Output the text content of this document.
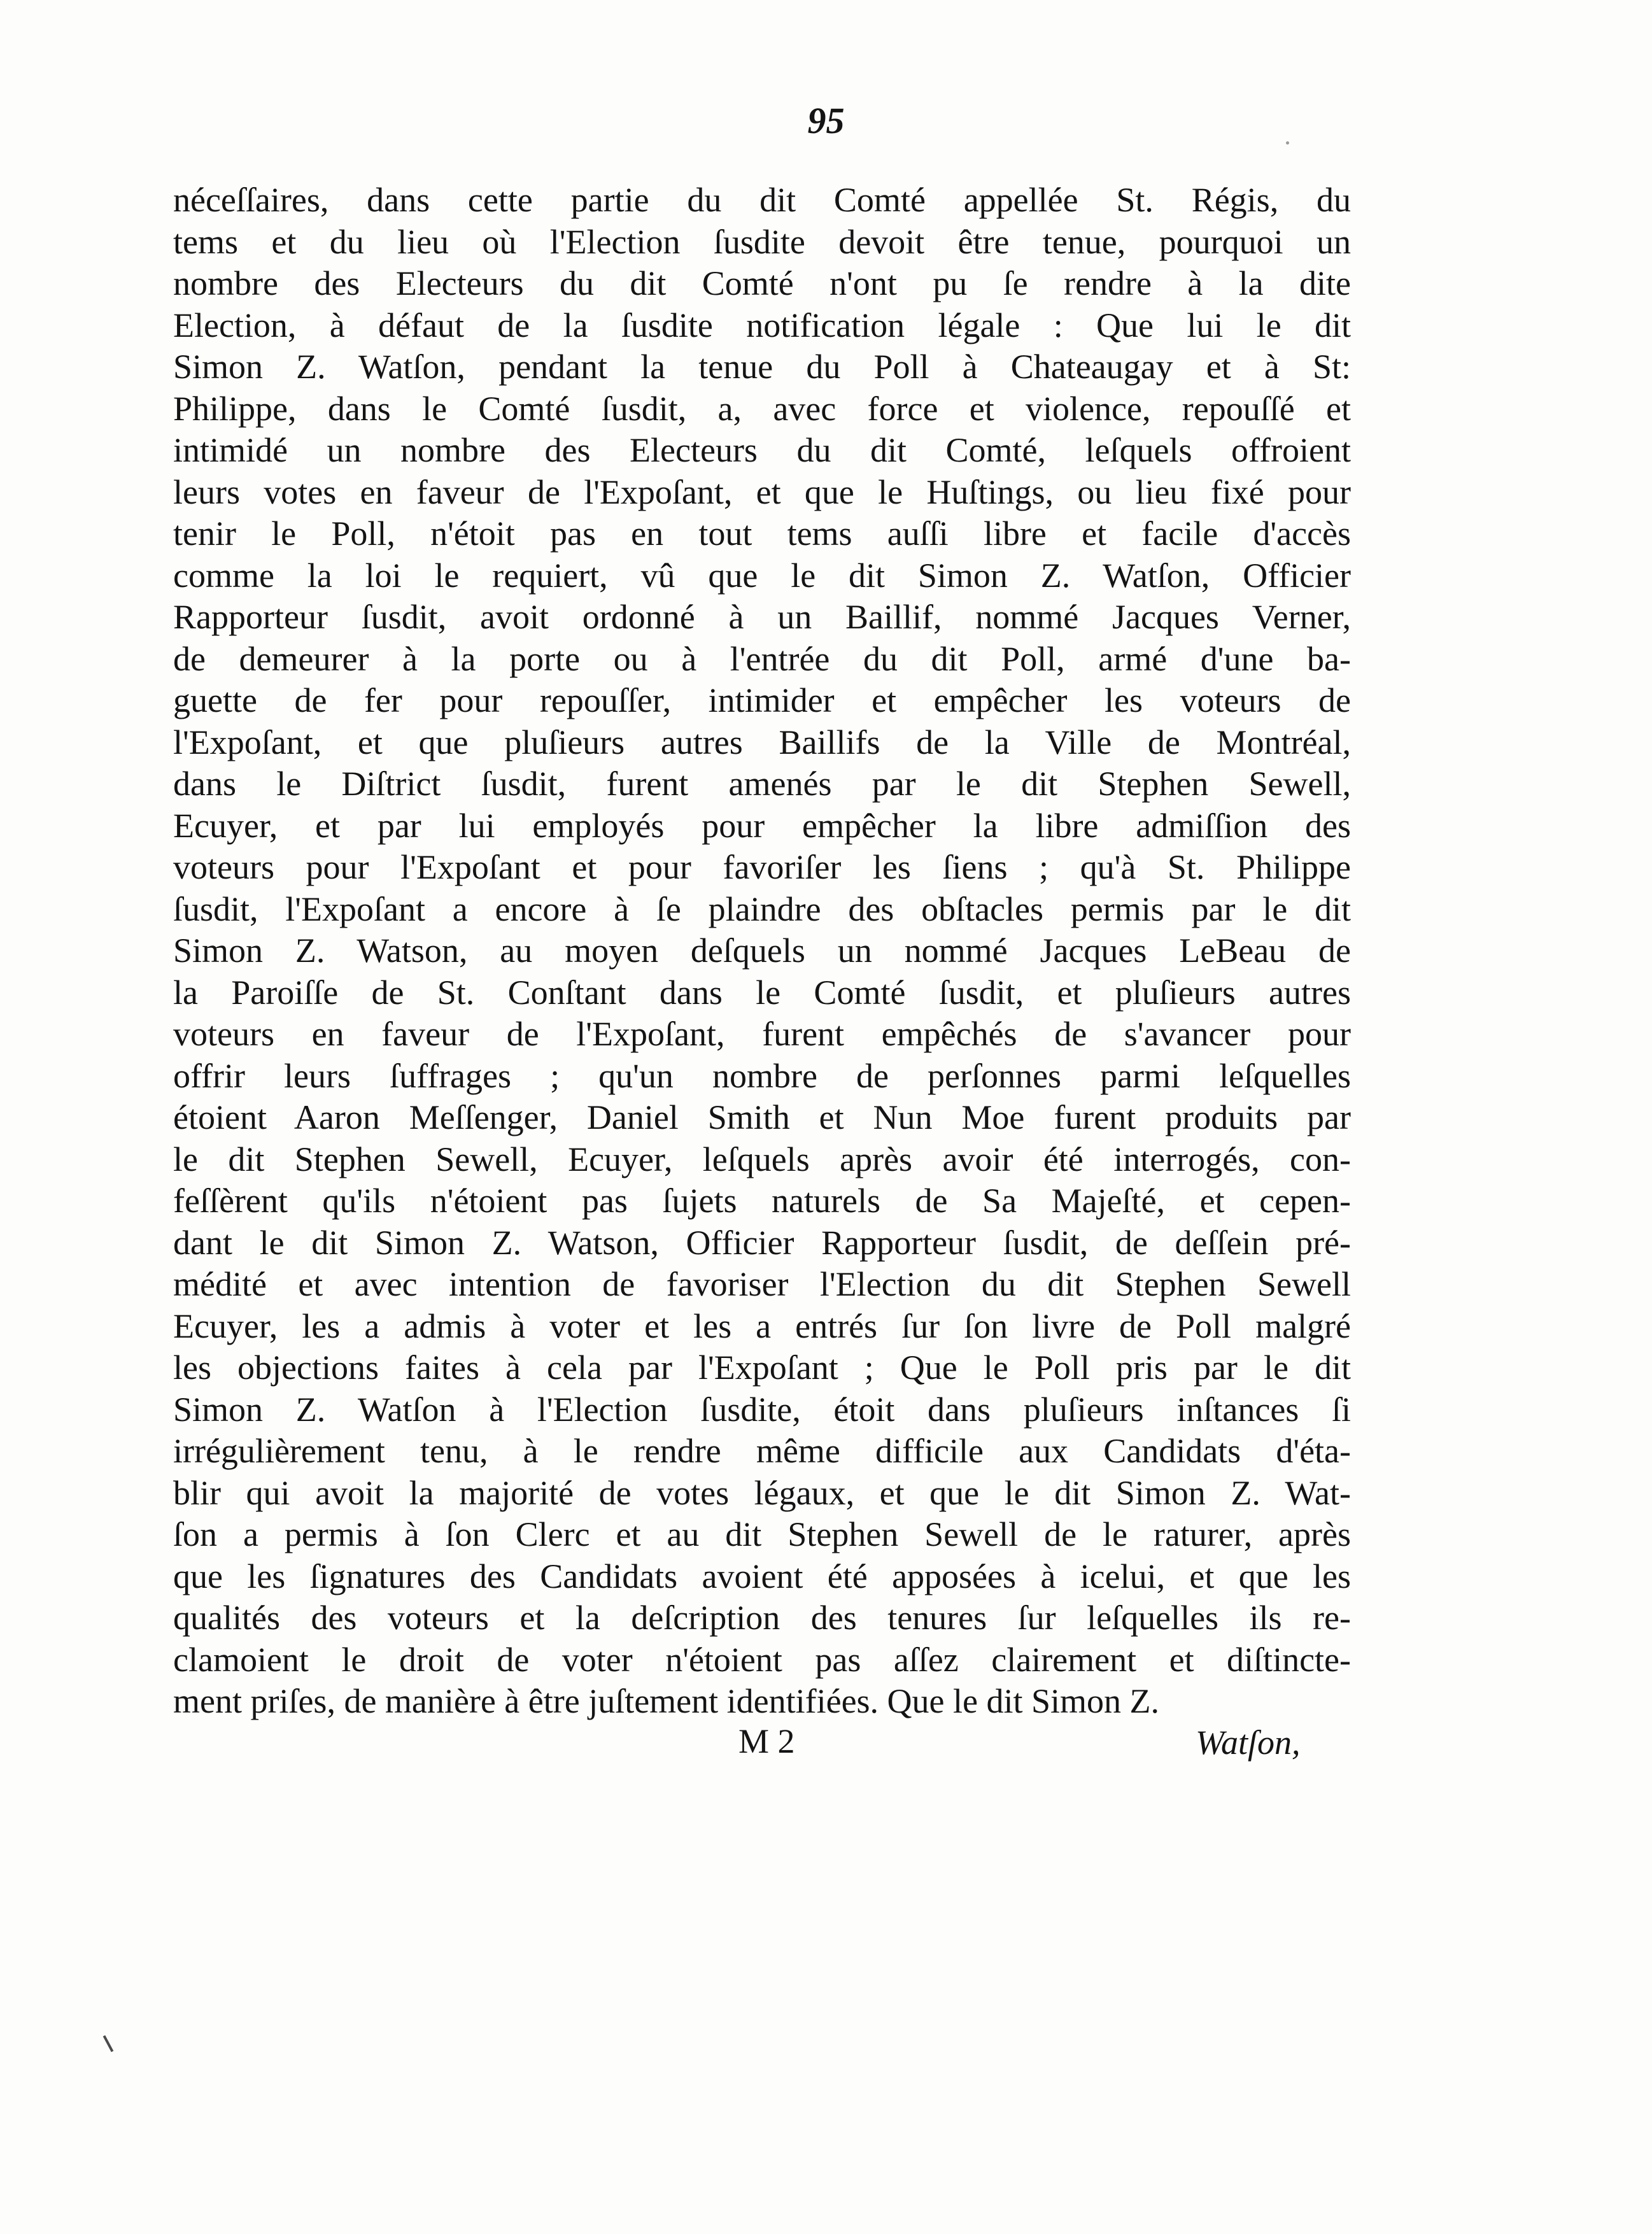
95
néceſſaires, dans cette partie du dit Comté appellée St. Régis, du
tems et du lieu où l'Election ſusdite devoit être tenue, pourquoi un
nombre des Electeurs du dit Comté n'ont pu ſe rendre à la dite
Election, à défaut de la ſusdite notification légale : Que lui le dit
Simon Z. Watſon, pendant la tenue du Poll à Chateaugay et à St:
Philippe, dans le Comté ſusdit, a, avec force et violence, repouſſé et
intimidé un nombre des Electeurs du dit Comté, leſquels offroient
leurs votes en faveur de l'Expoſant, et que le Huſtings, ou lieu fixé pour
tenir le Poll, n'étoit pas en tout tems auſſi libre et facile d'accès
comme la loi le requiert, vû que le dit Simon Z. Watſon, Officier
Rapporteur ſusdit, avoit ordonné à un Baillif, nommé Jacques Verner,
de demeurer à la porte ou à l'entrée du dit Poll, armé d'une ba-
guette de fer pour repouſſer, intimider et empêcher les voteurs de
l'Expoſant, et que pluſieurs autres Baillifs de la Ville de Montréal,
dans le Diſtrict ſusdit, furent amenés par le dit Stephen Sewell,
Ecuyer, et par lui employés pour empêcher la libre admiſſion des
voteurs pour l'Expoſant et pour favoriſer les ſiens ; qu'à St. Philippe
ſusdit, l'Expoſant a encore à ſe plaindre des obſtacles permis par le dit
Simon Z. Watson, au moyen deſquels un nommé Jacques LeBeau de
la Paroiſſe de St. Conſtant dans le Comté ſusdit, et pluſieurs autres
voteurs en faveur de l'Expoſant, furent empêchés de s'avancer pour
offrir leurs ſuffrages ; qu'un nombre de perſonnes parmi leſquelles
étoient Aaron Meſſenger, Daniel Smith et Nun Moe furent produits par
le dit Stephen Sewell, Ecuyer, leſquels après avoir été interrogés, con-
feſſèrent qu'ils n'étoient pas ſujets naturels de Sa Majeſté, et cepen-
dant le dit Simon Z. Watson, Officier Rapporteur ſusdit, de deſſein pré-
médité et avec intention de favoriser l'Election du dit Stephen Sewell
Ecuyer, les a admis à voter et les a entrés ſur ſon livre de Poll malgré
les objections faites à cela par l'Expoſant ; Que le Poll pris par le dit
Simon Z. Watſon à l'Election ſusdite, étoit dans pluſieurs inſtances ſi
irrégulièrement tenu, à le rendre même difficile aux Candidats d'éta-
blir qui avoit la majorité de votes légaux, et que le dit Simon Z. Wat-
ſon a permis à ſon Clerc et au dit Stephen Sewell de le raturer, après
que les ſignatures des Candidats avoient été apposées à icelui, et que les
qualités des voteurs et la deſcription des tenures ſur leſquelles ils re-
clamoient le droit de voter n'étoient pas aſſez clairement et diſtincte-
ment priſes, de manière à être juſtement identifiées. Que le dit Simon Z.
M 2	Watſon,
